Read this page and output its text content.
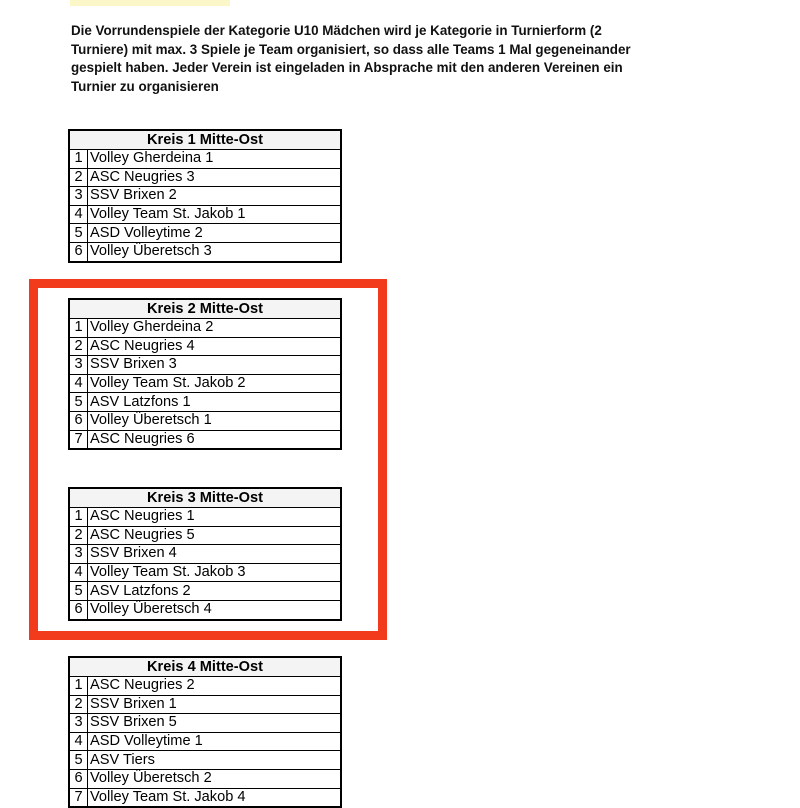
Die Vorrundenspiele der Kategorie U10 Mädchen wird je Kategorie in Turnierform (2
Turniere) mit max. 3 Spiele je Team organisiert, so dass alle Teams 1 Mal gegeneinander
gespielt haben. Jeder Verein ist eingeladen in Absprache mit den anderen Vereinen ein
Turnier zu organisieren
Kreis 1 Mitte-Ost	
1	Volley Gherdeina 1
2	ASC Neugries 3
3	SSV Brixen 2
4	Volley Team St. Jakob 1
5	ASD Volleytime 2
6	Volley Überetsch 3
Kreis 2 Mitte-Ost	
1	Volley Gherdeina 2
2	ASC Neugries 4
3	SSV Brixen 3
4	Volley Team St. Jakob 2
5	ASV Latzfons 1
6	Volley Überetsch 1
7	ASC Neugries 6
Kreis 3 Mitte-Ost	
1	ASC Neugries 1
2	ASC Neugries 5
3	SSV Brixen 4
4	Volley Team St. Jakob 3
5	ASV Latzfons 2
6	Volley Überetsch 4
Kreis 4 Mitte-Ost	
1	ASC Neugries 2
2	SSV Brixen 1
3	SSV Brixen 5
4	ASD Volleytime 1
5	ASV Tiers
6	Volley Überetsch 2
7	Volley Team St. Jakob 4
